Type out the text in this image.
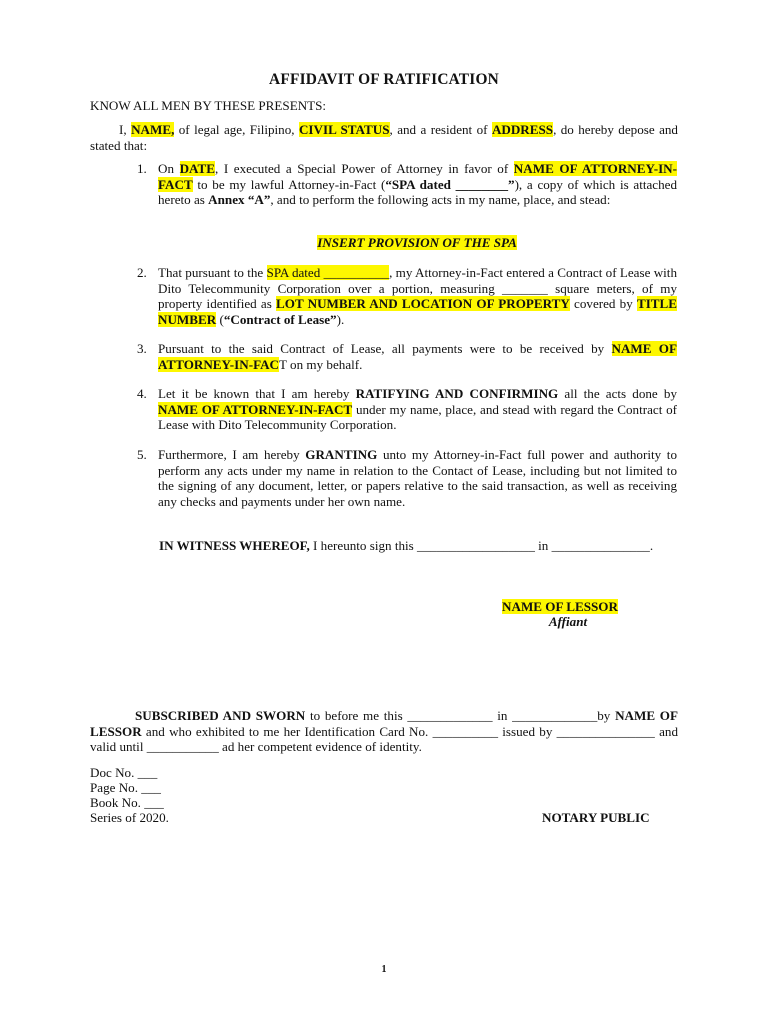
AFFIDAVIT OF RATIFICATION
KNOW ALL MEN BY THESE PRESENTS:
I, NAME, of legal age, Filipino, CIVIL STATUS, and a resident of ADDRESS, do hereby depose and stated that:
1. On DATE, I executed a Special Power of Attorney in favor of NAME OF ATTORNEY-IN-FACT to be my lawful Attorney-in-Fact (“SPA dated ________”), a copy of which is attached hereto as Annex “A”, and to perform the following acts in my name, place, and stead:
INSERT PROVISION OF THE SPA
2. That pursuant to the SPA dated __________, my Attorney-in-Fact entered a Contract of Lease with Dito Telecommunity Corporation over a portion, measuring _______ square meters, of my property identified as LOT NUMBER AND LOCATION OF PROPERTY covered by TITLE NUMBER (“Contract of Lease”).
3. Pursuant to the said Contract of Lease, all payments were to be received by NAME OF ATTORNEY-IN-FACT on my behalf.
4. Let it be known that I am hereby RATIFYING AND CONFIRMING all the acts done by NAME OF ATTORNEY-IN-FACT under my name, place, and stead with regard the Contract of Lease with Dito Telecommunity Corporation.
5. Furthermore, I am hereby GRANTING unto my Attorney-in-Fact full power and authority to perform any acts under my name in relation to the Contact of Lease, including but not limited to the signing of any document, letter, or papers relative to the said transaction, as well as receiving any checks and payments under her own name.
IN WITNESS WHEREOF, I hereunto sign this __________________ in _______________.
NAME OF LESSOR
Affiant
SUBSCRIBED AND SWORN to before me this _____________ in _____________by NAME OF LESSOR and who exhibited to me her Identification Card No. __________ issued by _______________ and valid until ___________ ad her competent evidence of identity.
Doc No. ___
Page No. ___
Book No. ___
Series of 2020.	NOTARY PUBLIC
1
